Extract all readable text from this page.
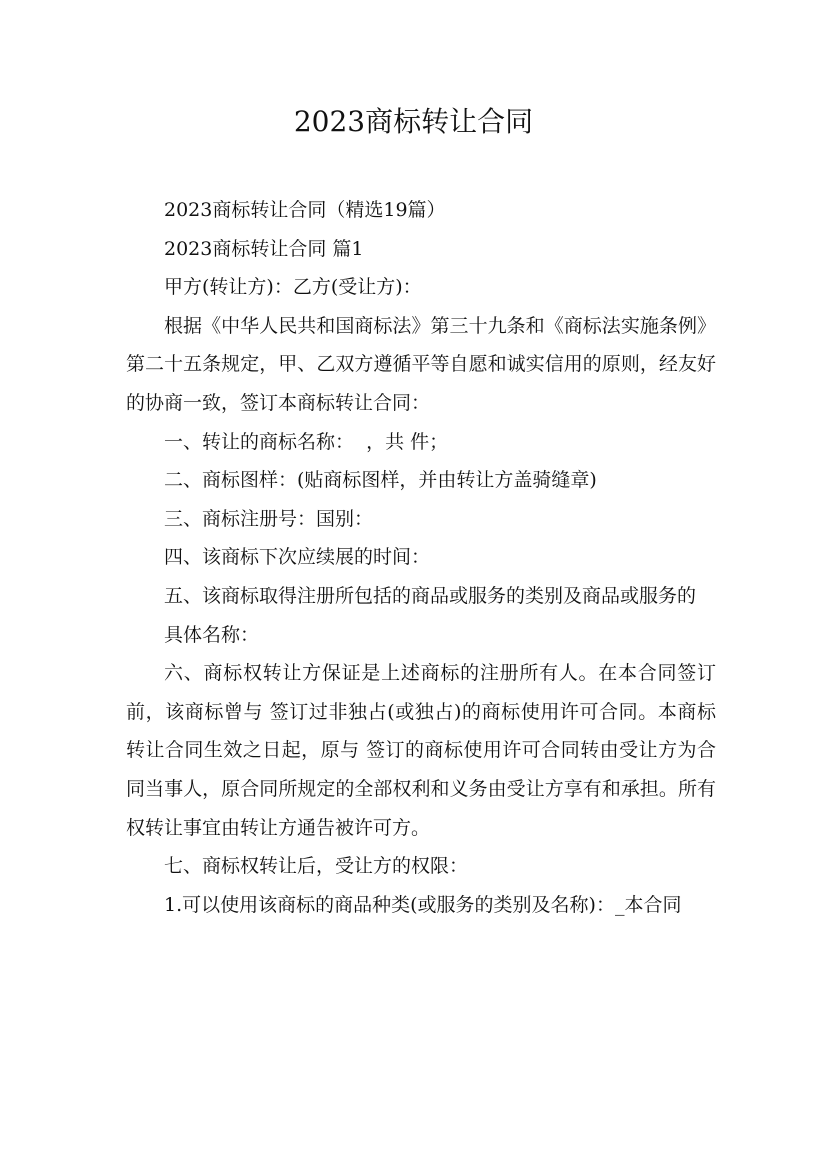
2023商标转让合同

2023商标转让合同（精选19篇）

2023商标转让合同 篇1

甲方(转让方)：乙方(受让方)：

根据《中华人民共和国商标法》第三十九条和《商标法实施条例》第二十五条规定，甲、乙双方遵循平等自愿和诚实信用的原则，经友好的协商一致，签订本商标转让合同：

一、转让的商标名称：  ，共 件；

二、商标图样：(贴商标图样，并由转让方盖骑缝章)

三、商标注册号：国别：

四、该商标下次应续展的时间：

五、该商标取得注册所包括的商品或服务的类别及商品或服务的

具体名称：

六、商标权转让方保证是上述商标的注册所有人。在本合同签订前，该商标曾与 签订过非独占(或独占)的商标使用许可合同。本商标转让合同生效之日起，原与 签订的商标使用许可合同转由受让方为合同当事人，原合同所规定的全部权利和义务由受让方享有和承担。所有权转让事宜由转让方通告被许可方。

七、商标权转让后，受让方的权限：

1.可以使用该商标的商品种类(或服务的类别及名称)：_本合同
